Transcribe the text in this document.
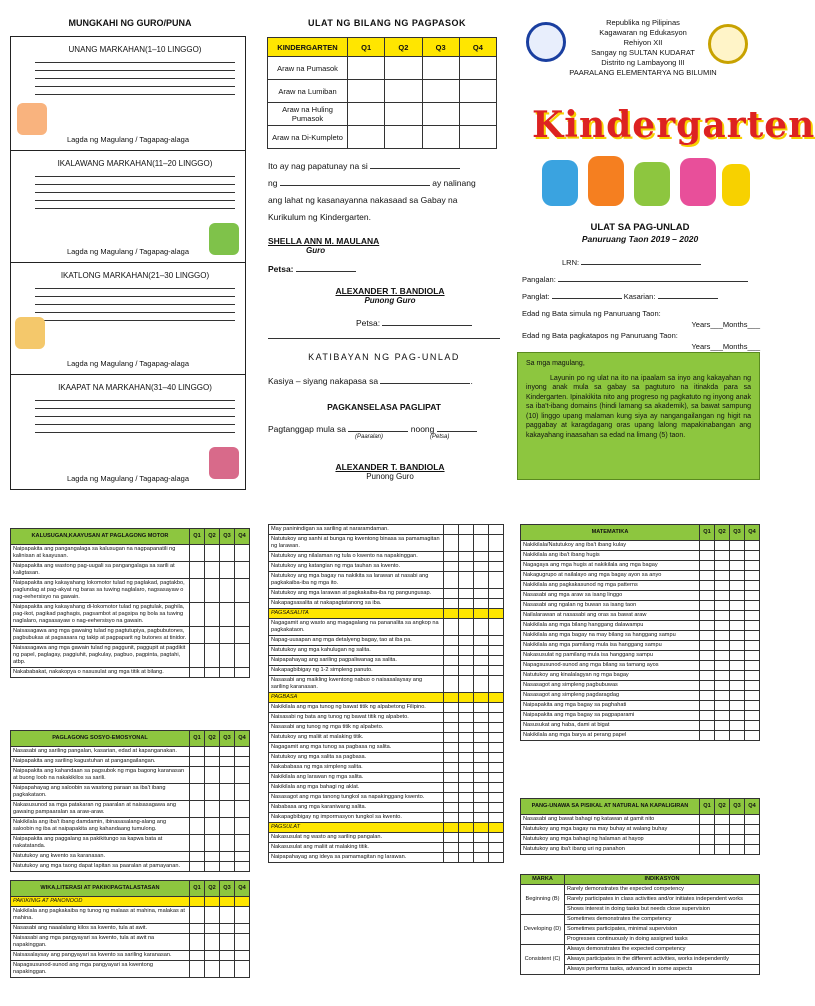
MUNGKAHI NG GURO/PUNA
UNANG MARKAHAN(1–10 LINGGO)
Lagda ng Magulang / Tagapag-alaga
IKALAWANG MARKAHAN(11–20 LINGGO)
Lagda ng Magulang / Tagapag-alaga
IKATLONG MARKAHAN(21–30 LINGGO)
Lagda ng Magulang / Tagapag-alaga
IKAAPAT NA MARKAHAN(31–40 LINGGO)
Lagda ng Magulang / Tagapag-alaga
ULAT NG BILANG NG PAGPASOK
KINDERGARTEN	Q1	Q2	Q3	Q4
Araw na Pumasok				
Araw na Lumiban				
Araw na Huling Pumasok				
Araw na Di-Kumpleto				
Ito ay nag papatunay na si
ng	ay nalinang
ang lahat ng kasanayanna nakasaad sa Gabay na
Kurikulum ng Kindergarten.
SHELLA ANN M. MAULANA
Guro
Petsa:
ALEXANDER T. BANDIOLA
Punong Guro
Petsa:
KATIBAYAN NG PAG-UNLAD
Kasiya – siyang nakapasa sa	.
PAGKANSELASA PAGLIPAT
Pagtanggap mula sa	noong
(Paaralan)	(Petsa)
ALEXANDER T. BANDIOLA
Punong Guro
Republika ng Pilipinas
Kagawaran ng Edukasyon
Rehiyon XII
Sangay ng SULTAN KUDARAT
Distrito ng Lambayong III
PAARALANG ELEMENTARYA NG BILUMIN
Kindergarten
ULAT SA PAG-UNLAD
Panuruang Taon 2019 – 2020
LRN:
Pangalan:
Panglat:	Kasarian:
Edad ng Bata simula ng Panuruang Taon:
Years___Months___
Edad ng Bata pagkatapos ng Panuruang Taon:
Years___Months___
Sa mga magulang,
Layunin po ng ulat na ito na ipaalam sa inyo ang kakayahan ng inyong anak mula sa gabay sa pagtuturo na itinakda para sa Kindergarten. Ipinakikita nito ang progreso ng pagkatuto ng inyong anak sa iba't-ibang domains (hindi lamang sa akademik), sa bawat sampung (10) linggo upang malaman kung siya ay nangangailangan ng higit na paggabay at karagdagang oras upang lalong mapakinabangan ang kakayahang inaasahan sa edad na limang (5) taon.
KALUSUGAN,KAAYUSAN AT PAGLAGONG MOTOR	Q1	Q2	Q3	Q4
Naipapakita ang pangangalaga sa kalusugan na nagpapanatili ng kalinisan at kaayusan.				
Naipapakita ang wastong pag-uugali sa pangangalaga sa sarili at kaligtasan.				
Naipapakita ang kakayahang lokomotor tulad ng paglakad, pagtakbo, paglundag at pag-akyat ng baras sa tuwing naglalaro, nagsasayaw o nag-eehersisyo na gawain.				
Naipapakita ang kakayahang di-lokomotor tulad ng pagtulak, paghila, pag-ikot, pagikad paghagis, pagsambot at pagsipa ng bola sa tuwing naglalaro, nagsasayaw o nag-eehersisyo na gawain.				
Naisasagawa ang mga gawaing tulad ng pagtutupiya, pagbubutones, pagbubukas at pagsasara ng takip at pagpaparit ng butones at tinidor.				
Naisasagawa ang mga gawain tulad ng paggunit, paggupit at pagdikit ng papel, paglagay, paggiuhit, pagkulay, pagbuo, pagpinta, pagtahi, atbp.				
Nakababakat, nakakopya o nasusulat ang mga titik at bilang.				
PAGLAGONG SOSYO-EMOSYONAL	Q1	Q2	Q3	Q4
Nasasabi ang sariling pangalan, kasarian, edad at kapanganakan.				
Naipapakita ang sariling kagustuhan at pangangailangan.				
Naipapakita ang kahandaan sa pagsubok ng mga bagong karanasan at buong loob na nakakikilos sa sarili.				
Naipapahayag ang saloobin sa wastong paraan sa iba't ibang pagkakataon.				
Nakasusunod sa mga patakaran ng paaralan at naisasagawa ang gawaing pampaaralan sa araw-araw.				
Nakikilala ang iba't ibang damdamin, ibinasasalang-alang ang saloobin ng iba at naipapakita ang kahandaang tumulong.				
Naipapakita ang paggalang sa pakikitungo sa kapwa bata at nakatatanda.				
Natutukoy ang kwento sa karanasan.				
Natutukoy ang mga taong dapat lapitan sa paaralan at pamayanan.				
WIKA,LITERASI AT PAKIKIPAGTALASTASAN	Q1	Q2	Q3	Q4
PAKIKINIG AT PANONOOD				
Nakikilala ang pagkakaiba ng tunog ng malaas at mahina, malakas at mahina.				
Nasasabi ang naaalalang kilos sa kwento, tula at awit.				
Naisasabi ang mga pangyayari sa kwento, tula at awit na napakinggan.				
Naisasalaysay ang pangyayari sa kwento sa sariling karanasan.				
Napagsusunod-sunod ang mga pangyayari sa kwentong napakinggan.				
May paninindigan sa sariling at nararamdaman.				
Natutukoy ang sanhi at bunga ng kwentong binasa sa pamamagitan ng larawan.				
Natutukoy ang nilalaman ng tula o kwento na napakinggan.				
Natutukoy ang katangian ng mga tauhan sa kwento.				
Natutukoy ang mga bagay na nakikita sa larawan at nasabi ang pagkakaiba-iba ng mga ito.				
Natutukoy ang mga larawan at pagkakaiba-iba ng pangungusap.				
Nakapagsasalita at nakapagtatanong sa iba.				
PAGSASALITA				
Nagagamit ang wasto ang magagalang na pananalita sa angkop na pagkakataon.				
Napag-uusapan ang mga detalyeng bagay, tao at iba pa.				
Natutukoy ang mga kahulugan ng salita.				
Naipapahayag ang sariling pagpaliwanag sa salita.				
Nakapagbibigay ng 1-2 simpleng panuto.				
Nasasabi ang maikling kwentong nabuo o naisasalaysay ang sariling karanasan.				
PAGBASA				
Nakikilala ang mga tunog ng bawat titik ng alpabetong Filipino.				
Naisasabi ng bata ang tunog ng bawat titik ng alpabeto.				
Nasasabi ang tunog ng mga titik ng alpabeto.				
Natutukoy ang maliit at malaking titik.				
Nagagamit ang mga tunog sa pagbasa ng salita.				
Natutukoy ang mga salita sa pagbasa.				
Nakababasa ng mga simpleng salita.				
Nakikilala ang larawan ng mga salita.				
Nakikilala ang mga bahagi ng aklat.				
Nasasagot ang mga tanong tungkol sa napakinggang kwento.				
Nababasa ang mga karaniwang salita.				
Nakapagbibigay ng impormasyon tungkol sa kwento.				
PAGSULAT				
Nakasusulat ng wasto ang sariling pangalan.				
Nakasusulat ang maliit at malaking titik.				
Naipapahayag ang ideya sa pamamagitan ng larawan.				
MATEMATIKA	Q1	Q2	Q3	Q4
Nakikilala/Natutukoy ang iba't ibang kulay				
Nakikilala ang iba't ibang hugis				
Nagagaya ang mga hugis at nakikilala ang mga bagay				
Nakagugrupo at nailalayo ang mga bagay ayon sa anyo				
Nakikilala ang pagkakasunod ng mga patterns				
Nasasabi ang mga araw sa isang linggo				
Nasasabi ang ngalan ng buwan sa isang taon				
Nailalarawan at nasasabi ang oras sa bawat araw				
Nakikilala ang mga bilang hanggang dalawampu				
Nakikilala ang mga bagay na may bilang sa hanggang sampu				
Nakikilala ang mga pamilang mula isa hanggang sampu				
Nakasusulat ng pamilang mula isa hanggang sampu				
Napagsusunod-sunod ang mga bilang sa tamang ayos				
Natutukoy ang kinalalagyan ng mga bagay				
Nasasagot ang simpleng pagbubuwas				
Nasasagot ang simpleng pagdaragdag				
Naipapakita ang mga bagay sa paghahati				
Naipapakita ang mga bagay sa pagpaparami				
Nasusukat ang haba, dami at bigat				
Nakikilala ang mga barya at perang papel				
PANG-UNAWA SA PISIKAL AT NATURAL NA KAPALIGIRAN	Q1	Q2	Q3	Q4
Nasasabi ang bawat bahagi ng katawan at gamit nito				
Natutukoy ang mga bagay na may buhay at walang buhay				
Natutukoy ang mga bahagi ng halaman at hayop				
Natutukoy ang iba't ibang uri ng panahon				
MARKA	INDIKASYON
Beginning (B)	Rarely demonstrates the expected competency
	Rarely participates in class activities and/or initiates independent works
	Shows interest in doing tasks but needs close supervision
Developing (D)	Sometimes demonstrates the competency
	Sometimes participates, minimal supervision
	Progresses continuously in doing assigned tasks
Consistent (C)	Always demonstrates the expected competency
	Always participates in the different activities, works independently
	Always performs tasks, advanced in some aspects
